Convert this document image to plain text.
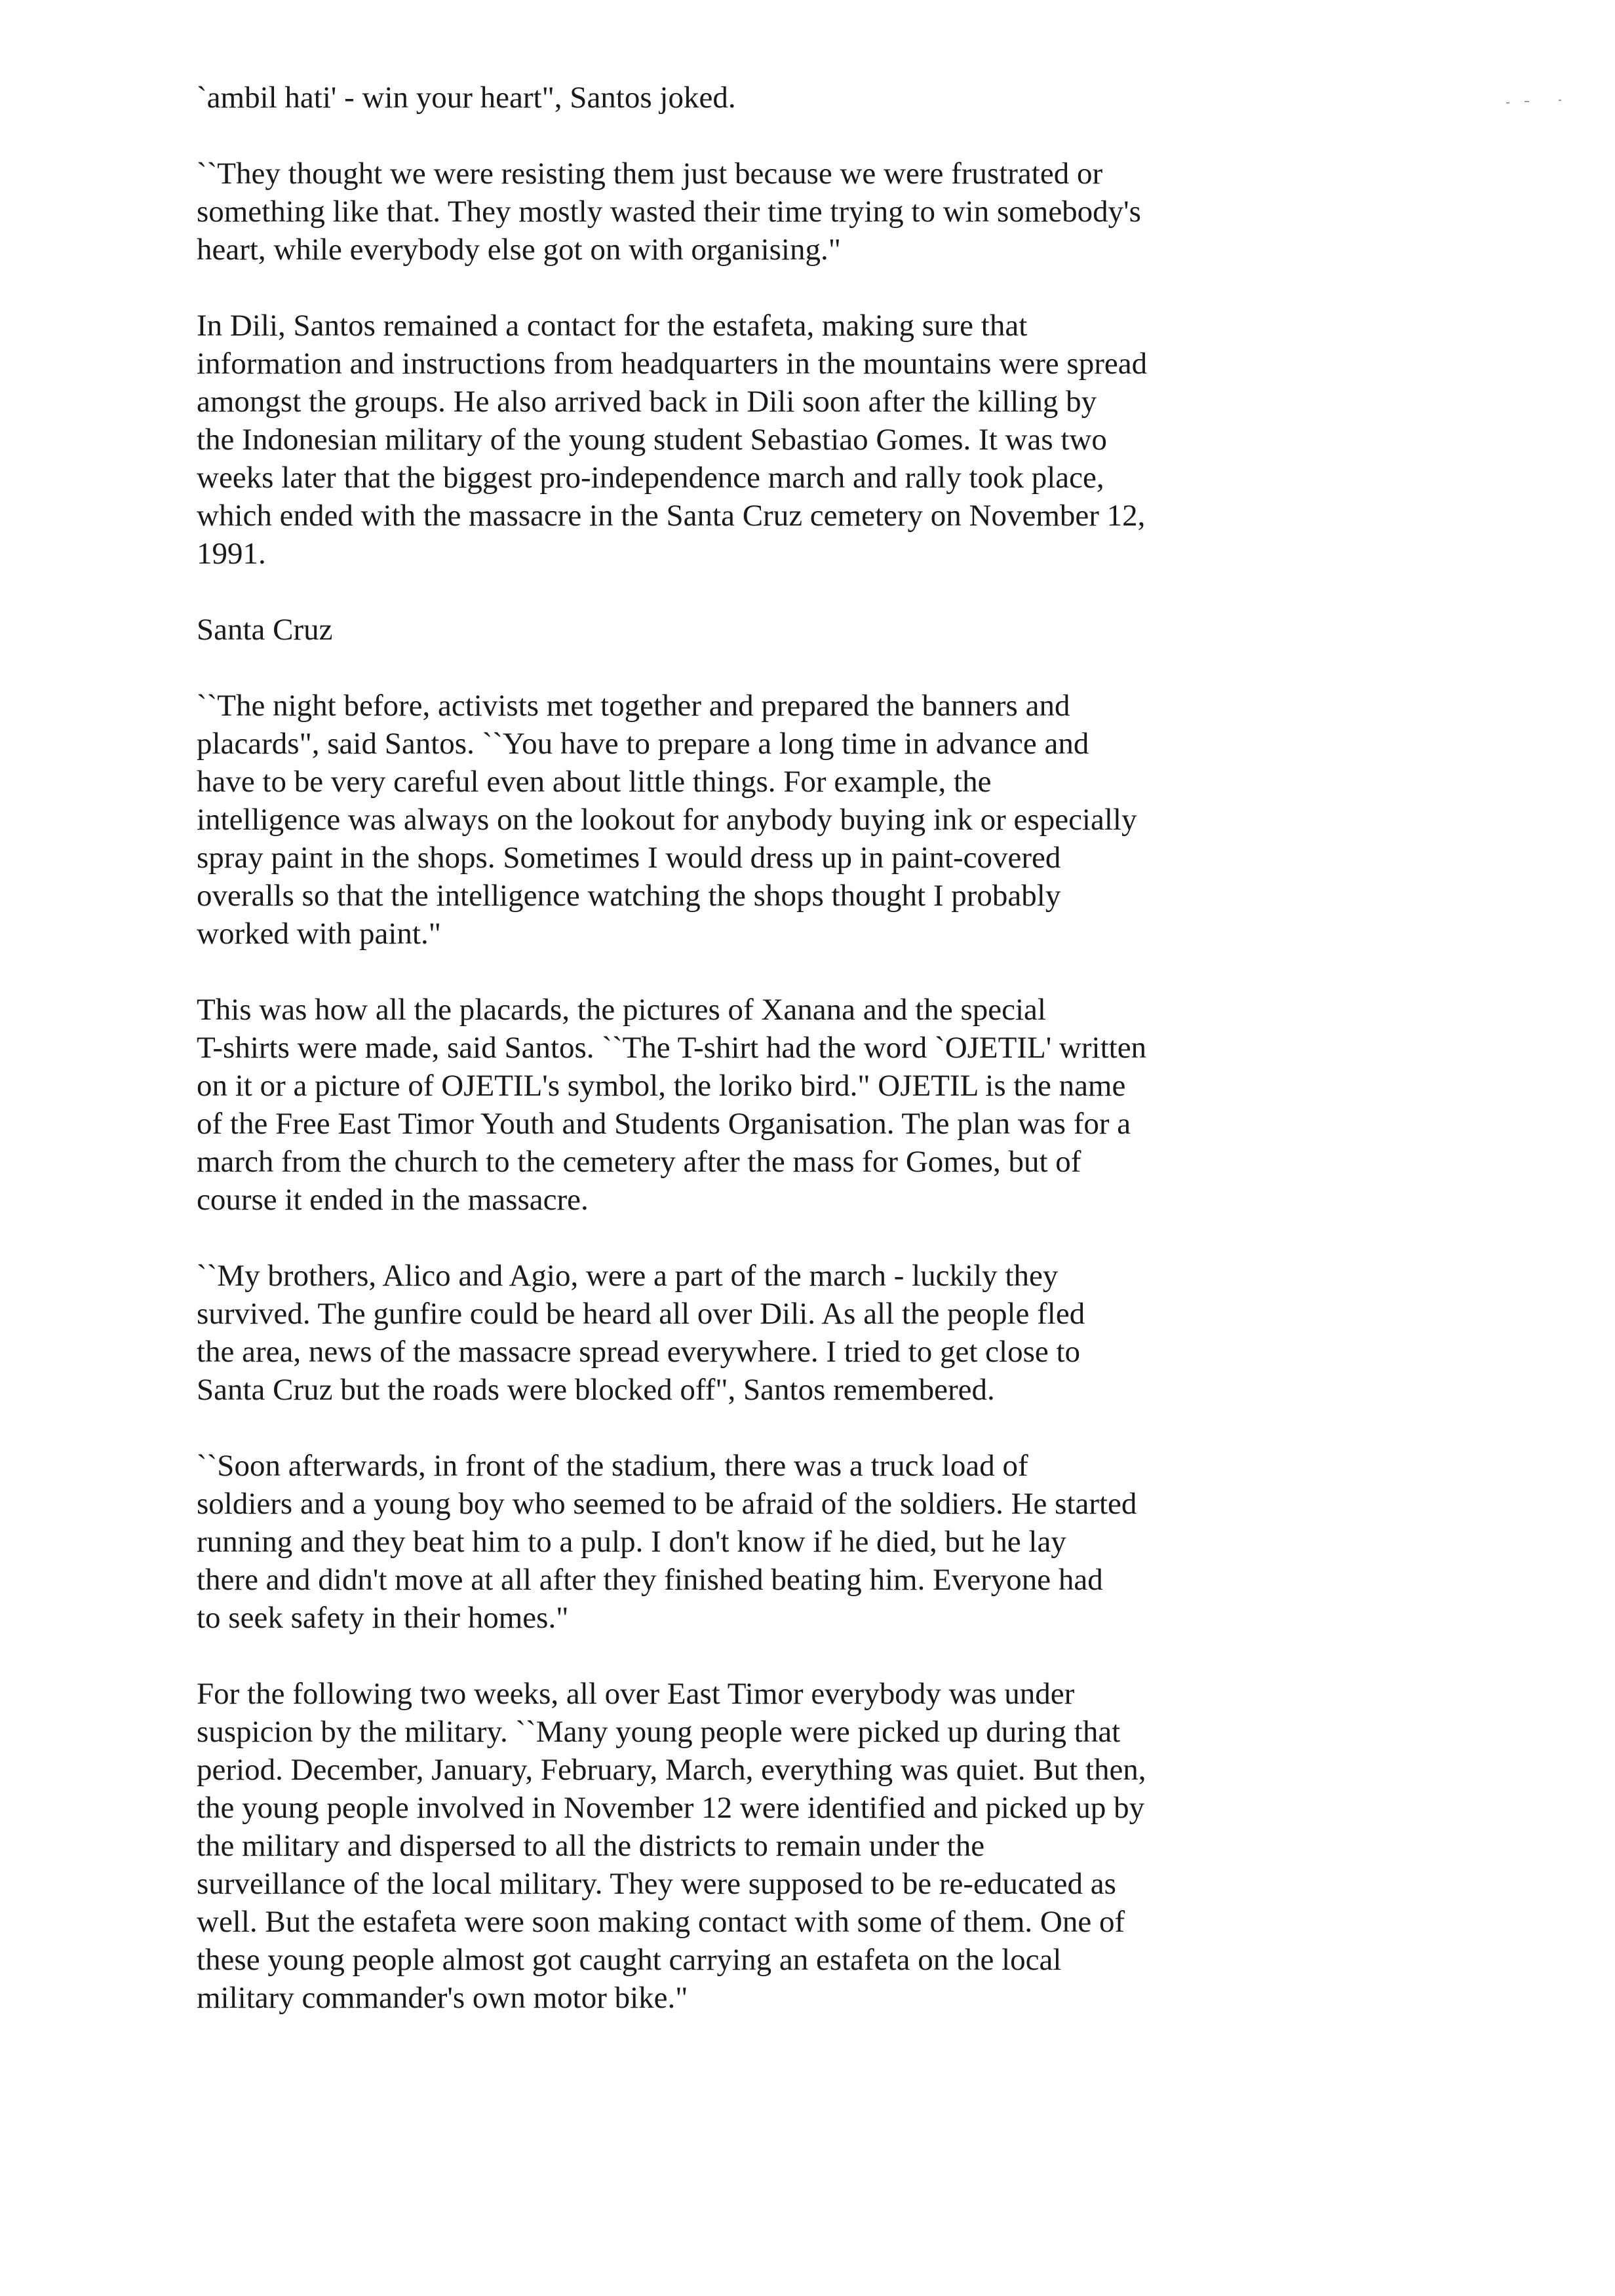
`ambil hati' - win your heart", Santos joked.
``They thought we were resisting them just because we were frustrated or
something like that. They mostly wasted their time trying to win somebody's
heart, while everybody else got on with organising."
In Dili, Santos remained a contact for the estafeta, making sure that
information and instructions from headquarters in the mountains were spread
amongst the groups. He also arrived back in Dili soon after the killing by
the Indonesian military of the young student Sebastiao Gomes. It was two
weeks later that the biggest pro-independence march and rally took place,
which ended with the massacre in the Santa Cruz cemetery on November 12,
1991.
Santa Cruz
``The night before, activists met together and prepared the banners and
placards", said Santos. ``You have to prepare a long time in advance and
have to be very careful even about little things. For example, the
intelligence was always on the lookout for anybody buying ink or especially
spray paint in the shops. Sometimes I would dress up in paint-covered
overalls so that the intelligence watching the shops thought I probably
worked with paint."
This was how all the placards, the pictures of Xanana and the special
T-shirts were made, said Santos. ``The T-shirt had the word `OJETIL' written
on it or a picture of OJETIL's symbol, the loriko bird." OJETIL is the name
of the Free East Timor Youth and Students Organisation. The plan was for a
march from the church to the cemetery after the mass for Gomes, but of
course it ended in the massacre.
``My brothers, Alico and Agio, were a part of the march - luckily they
survived. The gunfire could be heard all over Dili. As all the people fled
the area, news of the massacre spread everywhere. I tried to get close to
Santa Cruz but the roads were blocked off", Santos remembered.
``Soon afterwards, in front of the stadium, there was a truck load of
soldiers and a young boy who seemed to be afraid of the soldiers. He started
running and they beat him to a pulp. I don't know if he died, but he lay
there and didn't move at all after they finished beating him. Everyone had
to seek safety in their homes."
For the following two weeks, all over East Timor everybody was under
suspicion by the military. ``Many young people were picked up during that
period. December, January, February, March, everything was quiet. But then,
the young people involved in November 12 were identified and picked up by
the military and dispersed to all the districts to remain under the
surveillance of the local military. They were supposed to be re-educated as
well. But the estafeta were soon making contact with some of them. One of
these young people almost got caught carrying an estafeta on the local
military commander's own motor bike."
